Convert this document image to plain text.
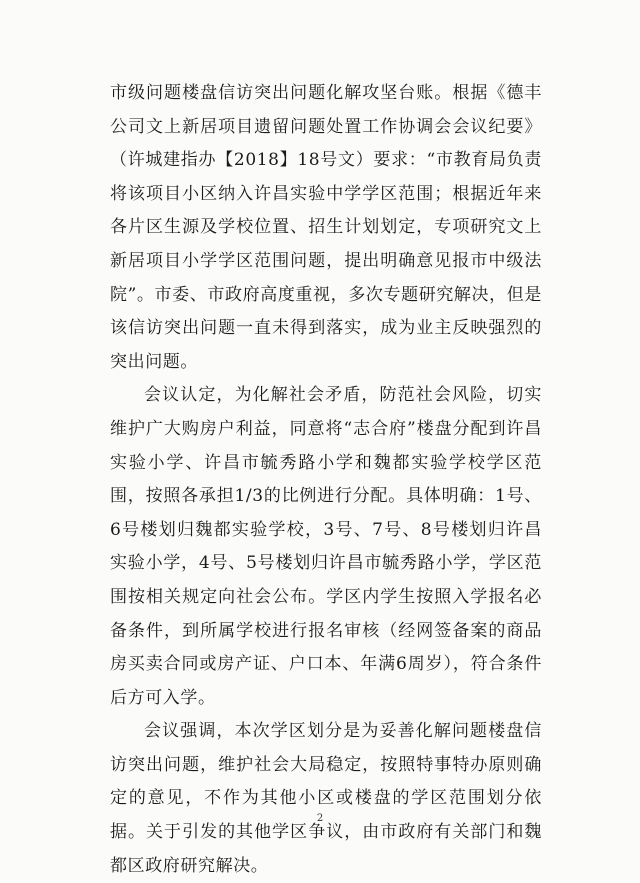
市级问题楼盘信访突出问题化解攻坚台账。根据《德丰公司文上新居项目遗留问题处置工作协调会会议纪要》（许城建指办【2018】18号文）要求：“市教育局负责将该项目小区纳入许昌实验中学学区范围；根据近年来各片区生源及学校位置、招生计划划定，专项研究文上新居项目小学学区范围问题，提出明确意见报市中级法院”。市委、市政府高度重视，多次专题研究解决，但是该信访突出问题一直未得到落实，成为业主反映强烈的突出问题。

会议认定，为化解社会矛盾，防范社会风险，切实维护广大购房户利益，同意将“志合府”楼盘分配到许昌实验小学、许昌市毓秀路小学和魏都实验学校学区范围，按照各承担1/3的比例进行分配。具体明确：1号、6号楼划归魏都实验学校，3号、7号、8号楼划归许昌实验小学，4号、5号楼划归许昌市毓秀路小学，学区范围按相关规定向社会公布。学区内学生按照入学报名必备条件，到所属学校进行报名审核（经网签备案的商品房买卖合同或房产证、户口本、年满6周岁），符合条件后方可入学。

会议强调，本次学区划分是为妥善化解问题楼盘信访突出问题，维护社会大局稳定，按照特事特办原则确定的意见，不作为其他小区或楼盘的学区范围划分依据。关于引发的其他学区争议，由市政府有关部门和魏都区政府研究解决。

2
